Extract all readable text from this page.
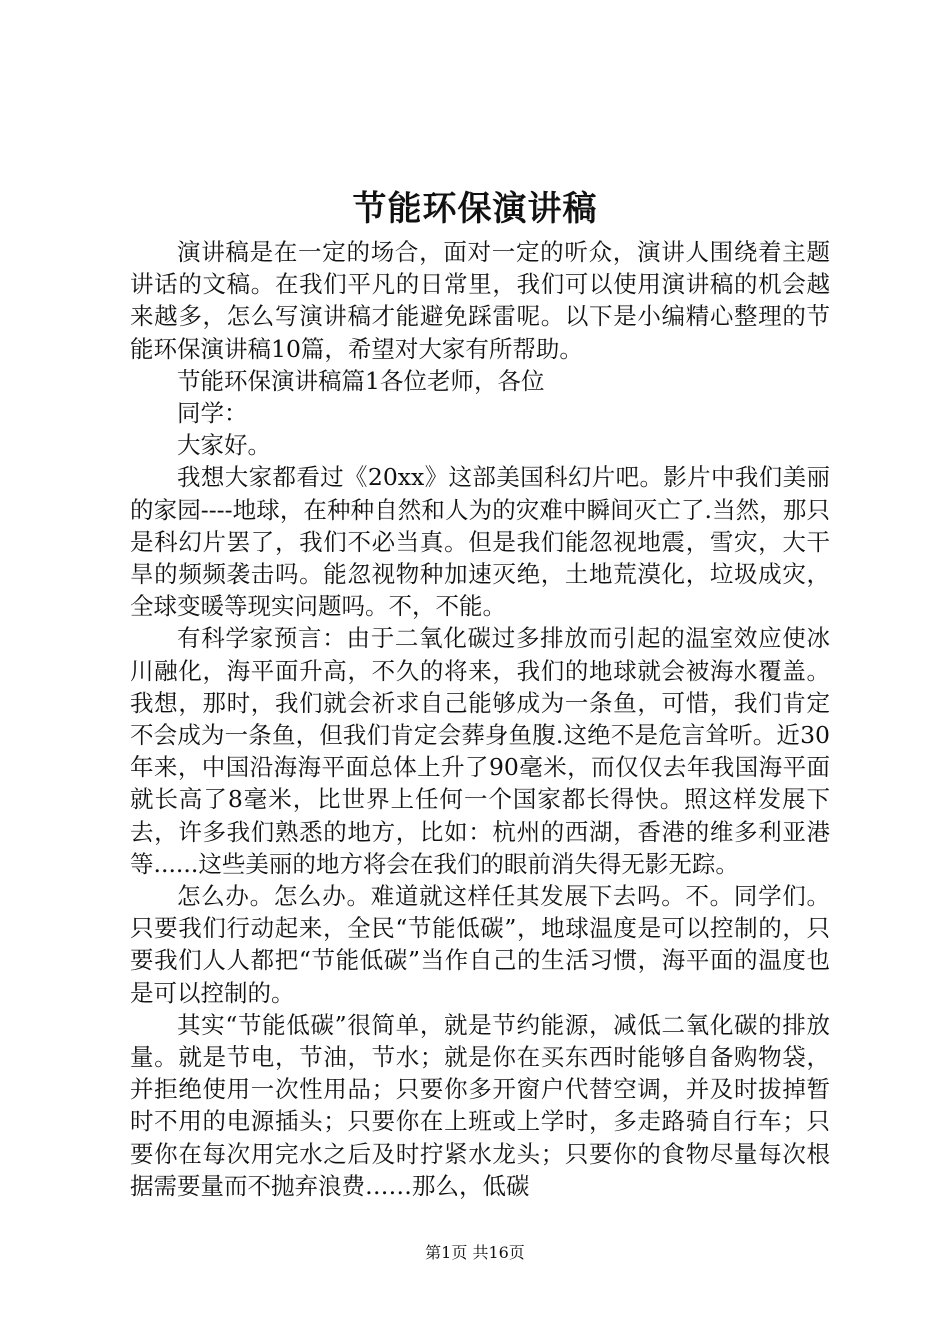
节能环保演讲稿

演讲稿是在一定的场合，面对一定的听众，演讲人围绕着主题讲话的文稿。在我们平凡的日常里，我们可以使用演讲稿的机会越来越多，怎么写演讲稿才能避免踩雷呢。以下是小编精心整理的节能环保演讲稿10篇，希望对大家有所帮助。

节能环保演讲稿篇1各位老师，各位

同学：

大家好。

我想大家都看过《20xx》这部美国科幻片吧。影片中我们美丽的家园----地球，在种种自然和人为的灾难中瞬间灭亡了.当然，那只是科幻片罢了，我们不必当真。但是我们能忽视地震，雪灾，大干旱的频频袭击吗。能忽视物种加速灭绝，土地荒漠化，垃圾成灾，全球变暖等现实问题吗。不，不能。

有科学家预言：由于二氧化碳过多排放而引起的温室效应使冰川融化，海平面升高，不久的将来，我们的地球就会被海水覆盖。我想，那时，我们就会祈求自己能够成为一条鱼，可惜，我们肯定不会成为一条鱼，但我们肯定会葬身鱼腹.这绝不是危言耸听。近30年来，中国沿海海平面总体上升了90毫米，而仅仅去年我国海平面就长高了8毫米，比世界上任何一个国家都长得快。照这样发展下去，许多我们熟悉的地方，比如：杭州的西湖，香港的维多利亚港等......这些美丽的地方将会在我们的眼前消失得无影无踪。

怎么办。怎么办。难道就这样任其发展下去吗。不。同学们。只要我们行动起来，全民“节能低碳”，地球温度是可以控制的，只要我们人人都把“节能低碳”当作自己的生活习惯，海平面的温度也是可以控制的。

其实“节能低碳”很简单，就是节约能源，减低二氧化碳的排放量。就是节电，节油，节水；就是你在买东西时能够自备购物袋，并拒绝使用一次性用品；只要你多开窗户代替空调，并及时拔掉暂时不用的电源插头；只要你在上班或上学时，多走路骑自行车；只要你在每次用完水之后及时拧紧水龙头；只要你的食物尽量每次根据需要量而不抛弃浪费……那么，低碳

第1页 共16页
